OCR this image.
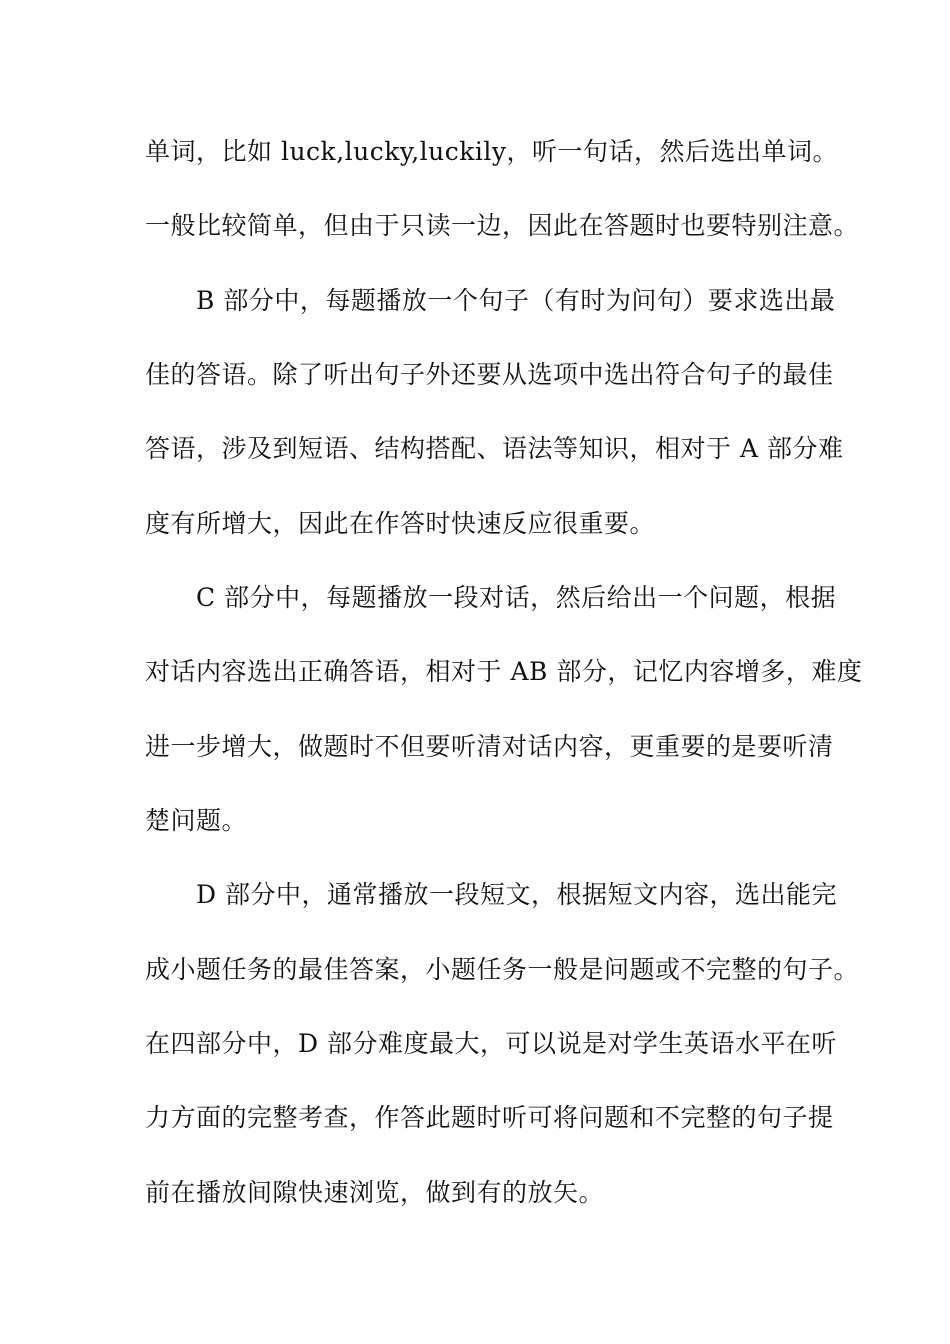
单词，比如 luck,lucky,luckily，听一句话，然后选出单词。
一般比较简单，但由于只读一边，因此在答题时也要特别注意。
　　B 部分中，每题播放一个句子（有时为问句）要求选出最
佳的答语。除了听出句子外还要从选项中选出符合句子的最佳
答语，涉及到短语、结构搭配、语法等知识，相对于 A 部分难
度有所增大，因此在作答时快速反应很重要。
　　C 部分中，每题播放一段对话，然后给出一个问题，根据
对话内容选出正确答语，相对于 AB 部分，记忆内容增多，难度
进一步增大，做题时不但要听清对话内容，更重要的是要听清
楚问题。
　　D 部分中，通常播放一段短文，根据短文内容，选出能完
成小题任务的最佳答案，小题任务一般是问题或不完整的句子。
在四部分中，D 部分难度最大，可以说是对学生英语水平在听
力方面的完整考查，作答此题时听可将问题和不完整的句子提
前在播放间隙快速浏览，做到有的放矢。
